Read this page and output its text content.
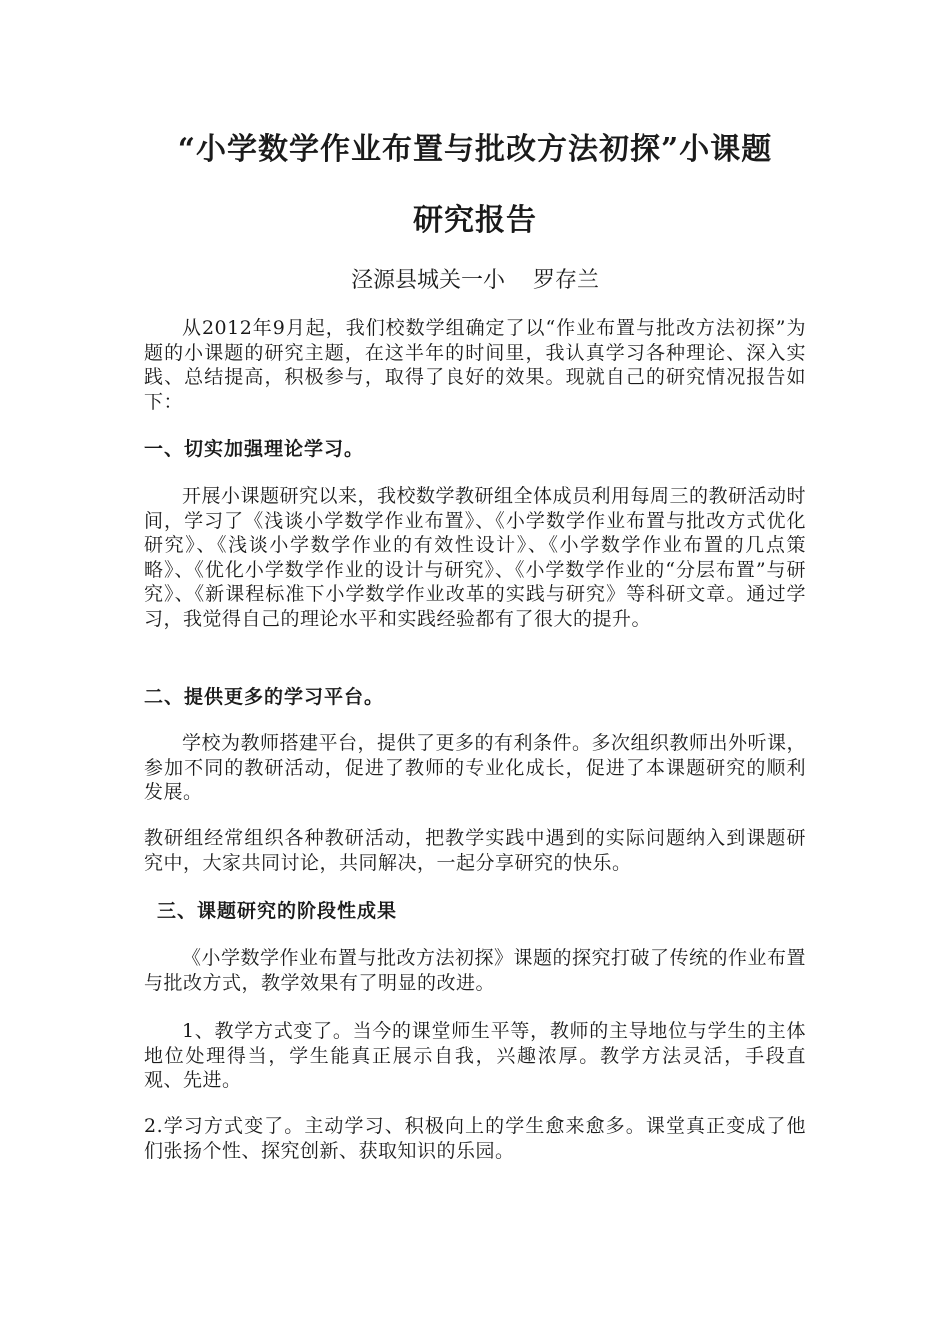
“小学数学作业布置与批改方法初探”小课题
研究报告
泾源县城关一小    罗存兰
从2012年9月起，我们校数学组确定了以“作业布置与批改方法初探”为题的小课题的研究主题，在这半年的时间里，我认真学习各种理论、深入实践、总结提高，积极参与，取得了良好的效果。现就自己的研究情况报告如下：
一、切实加强理论学习。
开展小课题研究以来，我校数学教研组全体成员利用每周三的教研活动时间，学习了《浅谈小学数学作业布置》、《小学数学作业布置与批改方式优化研究》、《浅谈小学数学作业的有效性设计》、《小学数学作业布置的几点策略》、《优化小学数学作业的设计与研究》、《小学数学作业的“分层布置”与研究》、《新课程标准下小学数学作业改革的实践与研究》等科研文章。通过学习，我觉得自己的理论水平和实践经验都有了很大的提升。
二、提供更多的学习平台。
学校为教师搭建平台，提供了更多的有利条件。多次组织教师出外听课，参加不同的教研活动，促进了教师的专业化成长，促进了本课题研究的顺利发展。
教研组经常组织各种教研活动，把教学实践中遇到的实际问题纳入到课题研究中，大家共同讨论，共同解决，一起分享研究的快乐。
三、课题研究的阶段性成果
《小学数学作业布置与批改方法初探》课题的探究打破了传统的作业布置与批改方式，教学效果有了明显的改进。
1、教学方式变了。当今的课堂师生平等，教师的主导地位与学生的主体地位处理得当，学生能真正展示自我，兴趣浓厚。教学方法灵活，手段直观、先进。
2.学习方式变了。主动学习、积极向上的学生愈来愈多。课堂真正变成了他们张扬个性、探究创新、获取知识的乐园。
